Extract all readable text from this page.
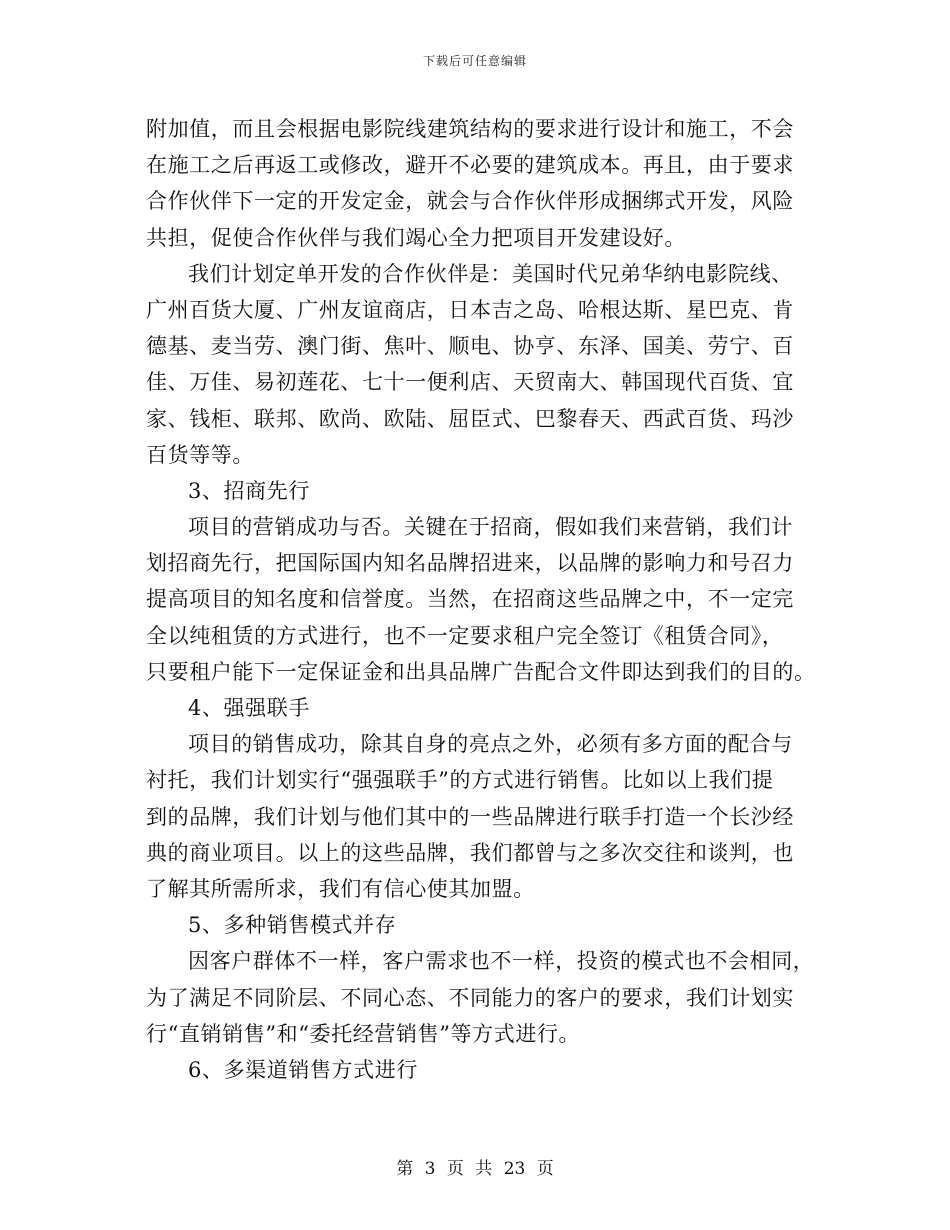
下载后可任意编辑
附加值，而且会根据电影院线建筑结构的要求进行设计和施工，不会
在施工之后再返工或修改，避开不必要的建筑成本。再且，由于要求
合作伙伴下一定的开发定金，就会与合作伙伴形成捆绑式开发，风险
共担，促使合作伙伴与我们竭心全力把项目开发建设好。
我们计划定单开发的合作伙伴是：美国时代兄弟华纳电影院线、
广州百货大厦、广州友谊商店，日本吉之岛、哈根达斯、星巴克、肯
德基、麦当劳、澳门街、焦叶、顺电、协亨、东泽、国美、劳宁、百
佳、万佳、易初莲花、七十一便利店、天贸南大、韩国现代百货、宜
家、钱柜、联邦、欧尚、欧陆、屈臣式、巴黎春天、西武百货、玛沙
百货等等。
3、招商先行
项目的营销成功与否。关键在于招商，假如我们来营销，我们计
划招商先行，把国际国内知名品牌招进来，以品牌的影响力和号召力
提高项目的知名度和信誉度。当然，在招商这些品牌之中，不一定完
全以纯租赁的方式进行，也不一定要求租户完全签订《租赁合同》，
只要租户能下一定保证金和出具品牌广告配合文件即达到我们的目的。
4、强强联手
项目的销售成功，除其自身的亮点之外，必须有多方面的配合与
衬托，我们计划实行“强强联手”的方式进行销售。比如以上我们提
到的品牌，我们计划与他们其中的一些品牌进行联手打造一个长沙经
典的商业项目。以上的这些品牌，我们都曾与之多次交往和谈判，也
了解其所需所求，我们有信心使其加盟。
5、多种销售模式并存
因客户群体不一样，客户需求也不一样，投资的模式也不会相同，
为了满足不同阶层、不同心态、不同能力的客户的要求，我们计划实
行“直销销售”和“委托经营销售”等方式进行。
6、多渠道销售方式进行
第 3 页 共 23 页
